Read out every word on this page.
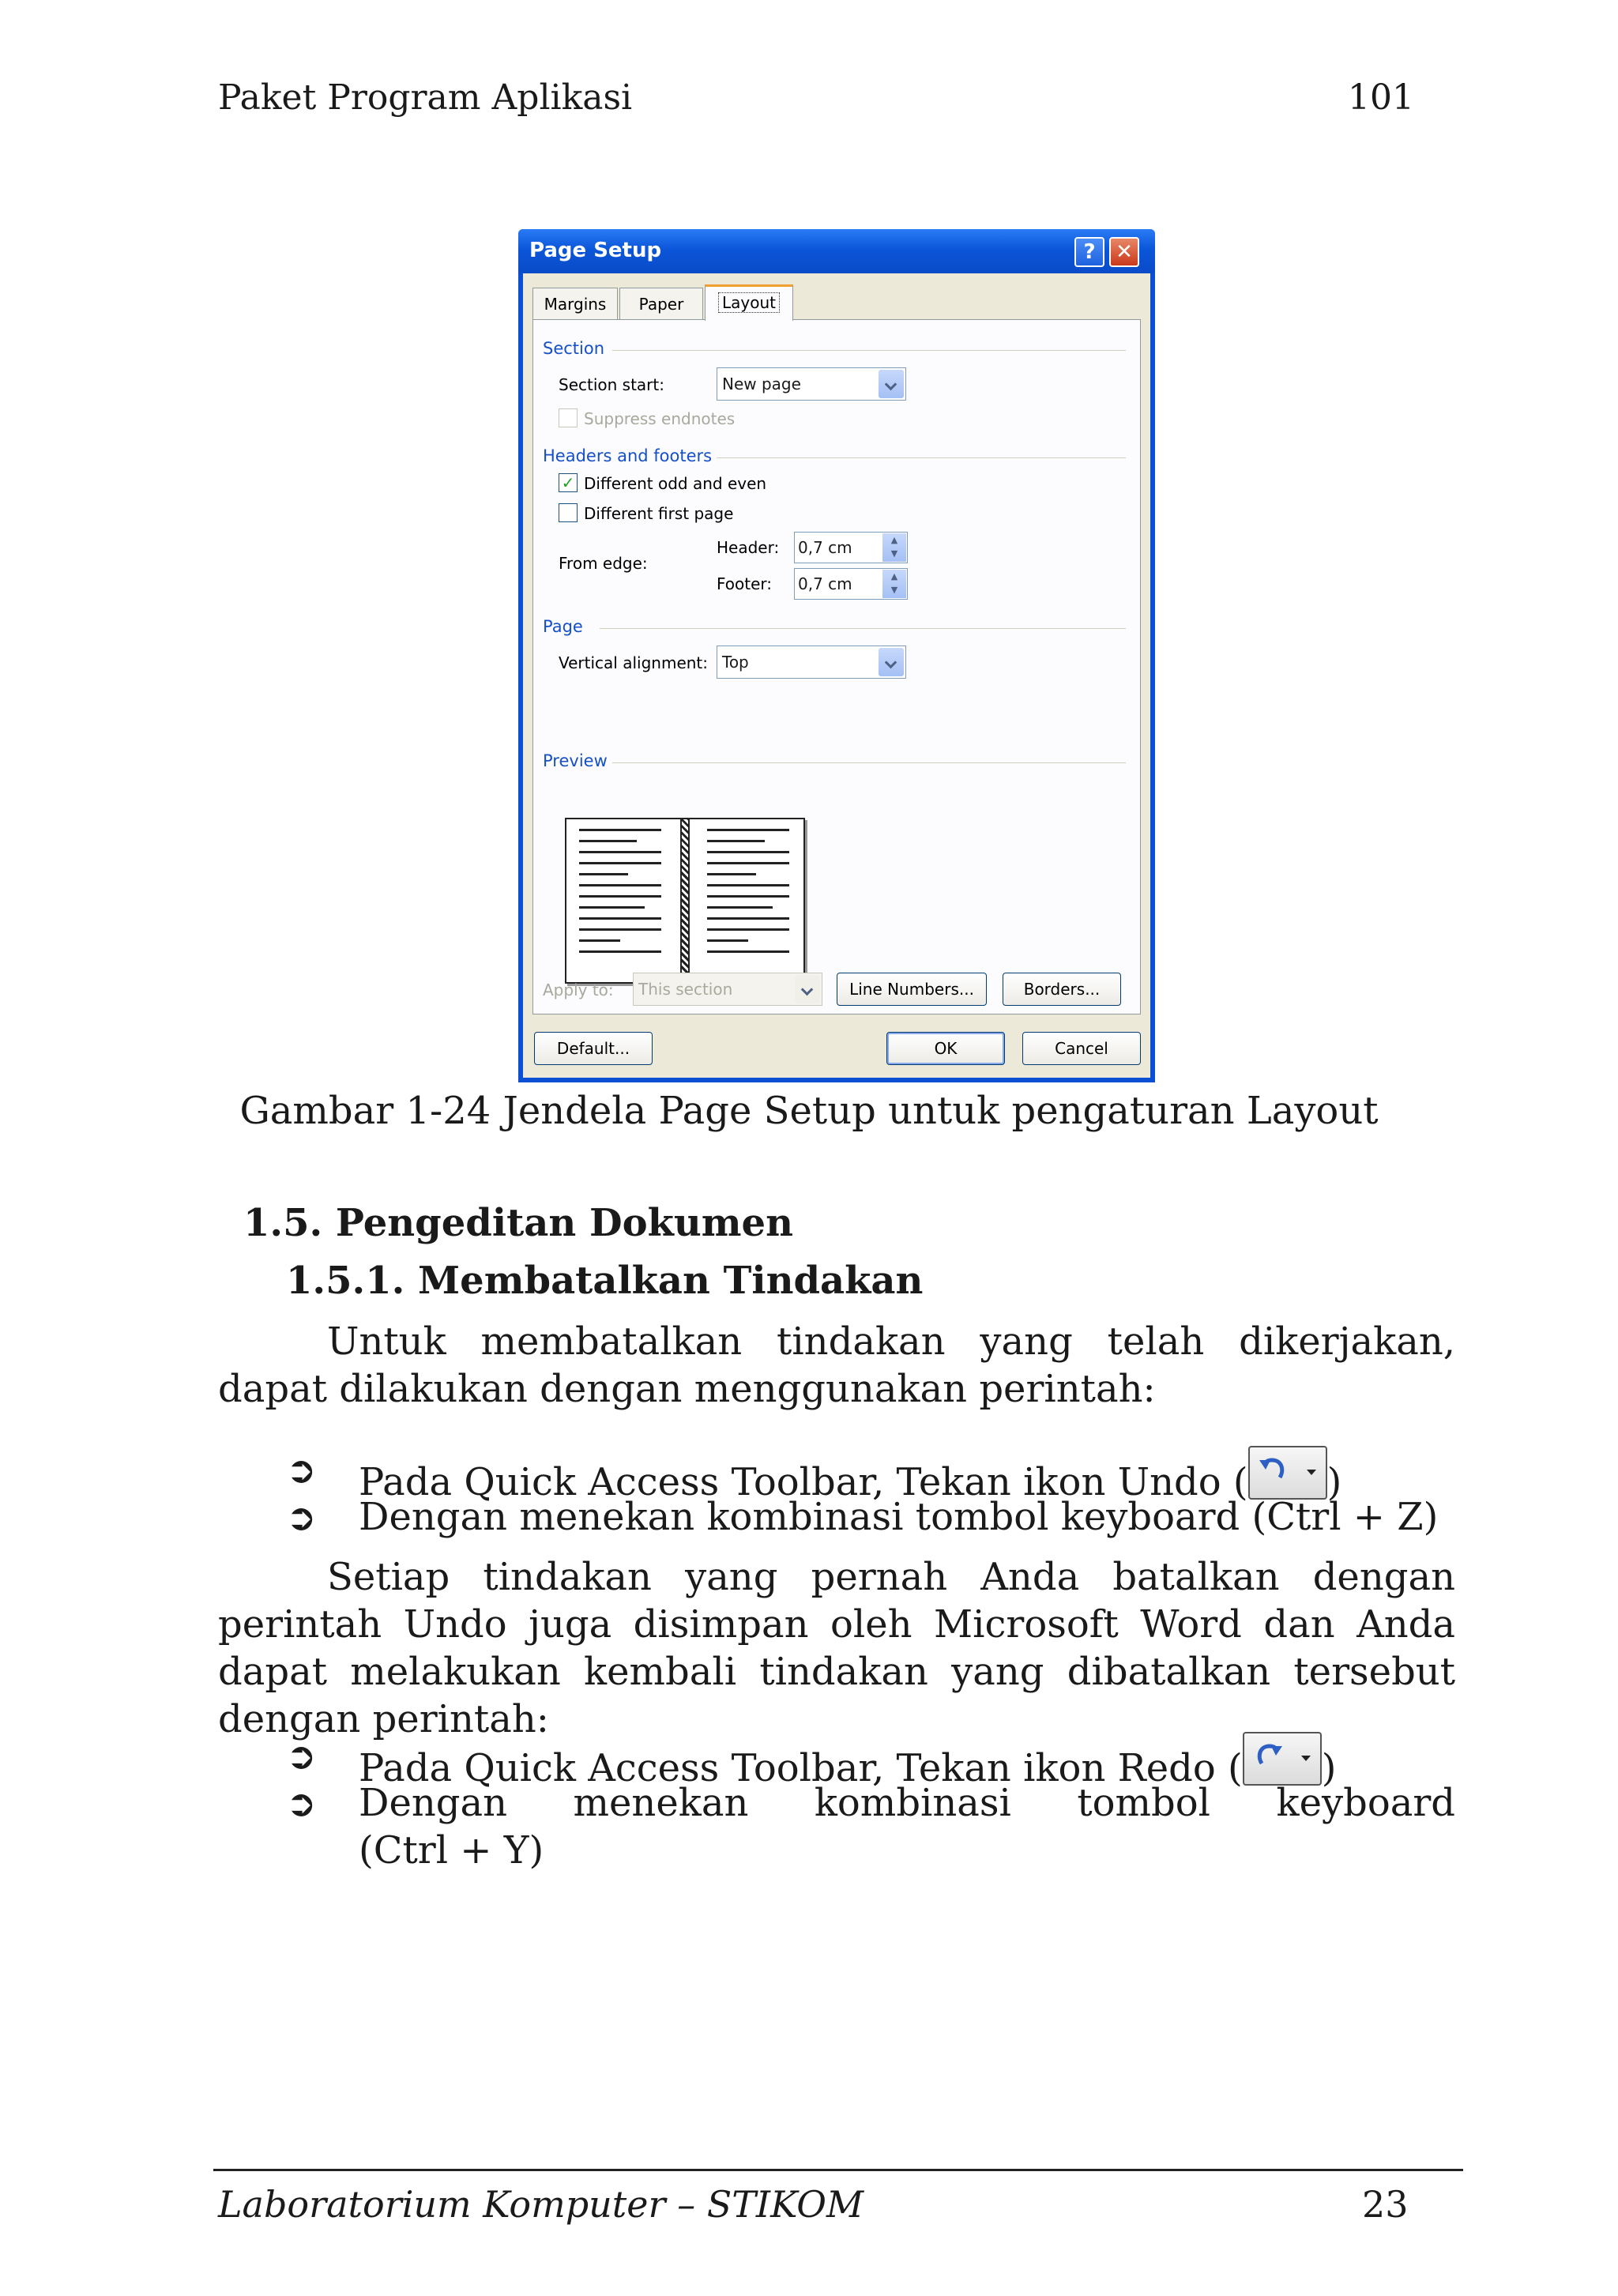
Paket Program Aplikasi	101
Page Setup	? ✕
Margins	Paper	Layout
Section
Section start:	New page
Suppress endnotes
Headers and footers
✓ Different odd and even
Different first page
From edge:
Header: 0,7 cm	▲
▼
Footer: 0,7 cm	▲
▼
Page
Vertical alignment: Top
Preview
Apply to:	This section	Line Numbers...	Borders...
Default...	OK	Cancel
Gambar 1-24 Jendela Page Setup untuk pengaturan Layout
1.5. Pengeditan Dokumen
1.5.1. Membatalkan Tindakan
Untuk membatalkan tindakan yang telah dikerjakan, dapat dilakukan dengan menggunakan perintah:
➲ Pada Quick Access Toolbar, Tekan ikon Undo ( )
➲ Dengan menekan kombinasi tombol keyboard (Ctrl + Z)
Setiap tindakan yang pernah Anda batalkan dengan perintah Undo juga disimpan oleh Microsoft Word dan Anda dapat melakukan kembali tindakan yang dibatalkan tersebut dengan perintah:
➲ Pada Quick Access Toolbar, Tekan ikon Redo ( )
➲ Dengan menekan kombinasi tombol keyboard
(Ctrl + Y)
Laboratorium Komputer – STIKOM	23
